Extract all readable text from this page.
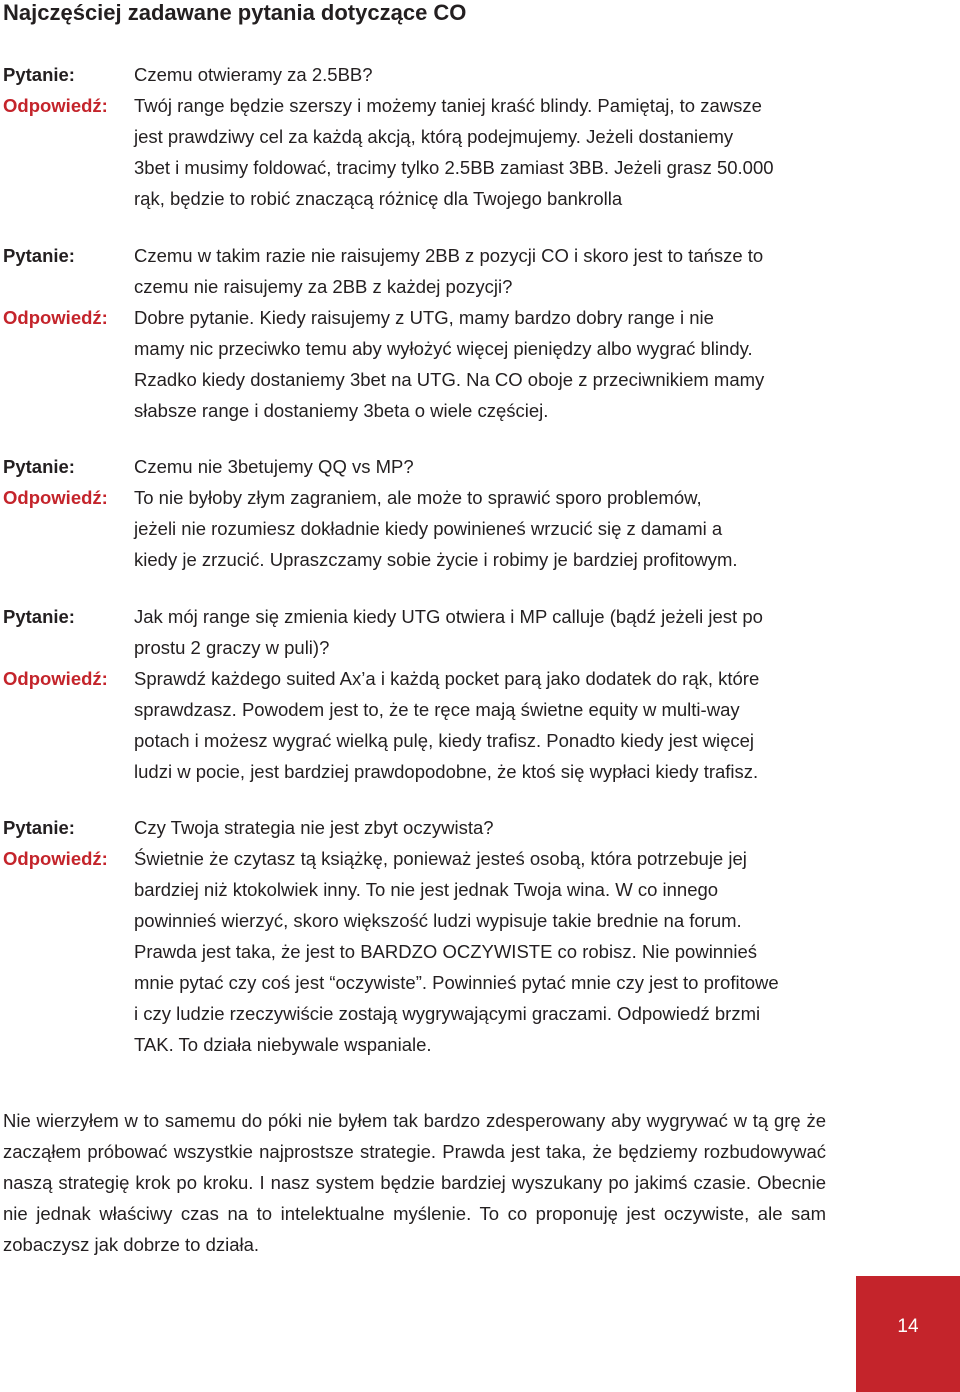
Najczęściej zadawane pytania dotyczące CO
Pytanie:	Czemu otwieramy za 2.5BB?
Odpowiedź:	Twój range będzie szerszy i możemy taniej kraść blindy. Pamiętaj, to zawsze
jest prawdziwy cel za każdą akcją, którą podejmujemy. Jeżeli dostaniemy
3bet i musimy foldować, tracimy tylko 2.5BB zamiast 3BB. Jeżeli grasz 50.000
rąk, będzie to robić znaczącą różnicę dla Twojego bankrolla
Pytanie:	Czemu w takim razie nie raisujemy 2BB z pozycji CO i skoro jest to tańsze to
czemu nie raisujemy za 2BB z każdej pozycji?
Odpowiedź:	Dobre pytanie. Kiedy raisujemy z UTG, mamy bardzo dobry range i nie
mamy nic przeciwko temu aby wyłożyć więcej pieniędzy albo wygrać blindy.
Rzadko kiedy dostaniemy 3bet na UTG. Na CO oboje z przeciwnikiem mamy
słabsze range i dostaniemy 3beta o wiele częściej.
Pytanie:	Czemu nie 3betujemy QQ vs MP?
Odpowiedź:	To nie byłoby złym zagraniem, ale może to sprawić sporo problemów,
jeżeli nie rozumiesz dokładnie kiedy powinieneś wrzucić się z damami a
kiedy je zrzucić. Upraszczamy sobie życie i robimy je bardziej profitowym.
Pytanie:	Jak mój range się zmienia kiedy UTG otwiera i MP calluje (bądź jeżeli jest po
prostu 2 graczy w puli)?
Odpowiedź:	Sprawdź każdego suited Ax’a i każdą pocket parą jako dodatek do rąk, które
sprawdzasz. Powodem jest to, że te ręce mają świetne equity w multi-way
potach i możesz wygrać wielką pulę, kiedy trafisz. Ponadto kiedy jest więcej
ludzi w pocie, jest bardziej prawdopodobne, że ktoś się wypłaci kiedy trafisz.
Pytanie:	Czy Twoja strategia nie jest zbyt oczywista?
Odpowiedź:	Świetnie że czytasz tą książkę, ponieważ jesteś osobą, która potrzebuje jej
bardziej niż ktokolwiek inny. To nie jest jednak Twoja wina. W co innego
powinnieś wierzyć, skoro większość ludzi wypisuje takie brednie na forum.
Prawda jest taka, że jest to BARDZO OCZYWISTE co robisz. Nie powinnieś
mnie pytać czy coś jest “oczywiste”. Powinnieś pytać mnie czy jest to profitowe
i czy ludzie rzeczywiście zostają wygrywającymi graczami. Odpowiedź brzmi
TAK. To działa niebywale wspaniale.

Nie wierzyłem w to samemu do póki nie byłem tak bardzo zdesperowany aby wygrywać w tą grę że zacząłem próbować wszystkie najprostsze strategie. Prawda jest taka, że będziemy rozbudowywać naszą strategię krok po kroku. I nasz system będzie bardziej wyszukany po jakimś czasie. Obecnie nie jednak właściwy czas na to intelektualne myślenie. To co proponuję jest oczywiste, ale sam zobaczysz jak dobrze to działa.

14
